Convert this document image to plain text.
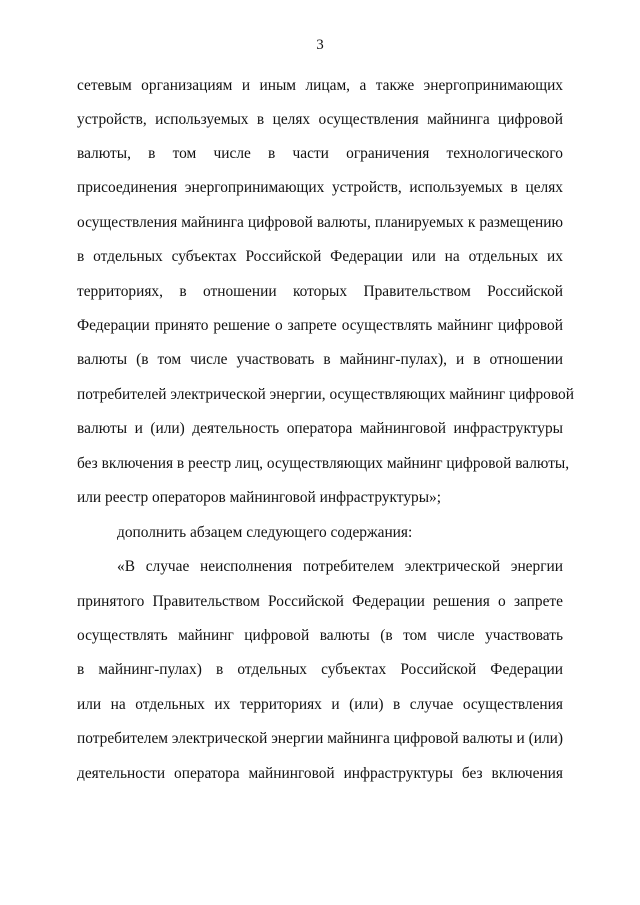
3
сетевым организациям и иным лицам, а также энергопринимающих
устройств, используемых в целях осуществления майнинга цифровой
валюты, в том числе в части ограничения технологического
присоединения энергопринимающих устройств, используемых в целях
осуществления майнинга цифровой валюты, планируемых к размещению
в отдельных субъектах Российской Федерации или на отдельных их
территориях, в отношении которых Правительством Российской
Федерации принято решение о запрете осуществлять майнинг цифровой
валюты (в том числе участвовать в майнинг-пулах), и в отношении
потребителей электрической энергии, осуществляющих майнинг цифровой
валюты и (или) деятельность оператора майнинговой инфраструктуры
без включения в реестр лиц, осуществляющих майнинг цифровой валюты,
или реестр операторов майнинговой инфраструктуры»;
дополнить абзацем следующего содержания:
«В случае неисполнения потребителем электрической энергии
принятого Правительством Российской Федерации решения о запрете
осуществлять майнинг цифровой валюты (в том числе участвовать
в майнинг-пулах) в отдельных субъектах Российской Федерации
или на отдельных их территориях и (или) в случае осуществления
потребителем электрической энергии майнинга цифровой валюты и (или)
деятельности оператора майнинговой инфраструктуры без включения
